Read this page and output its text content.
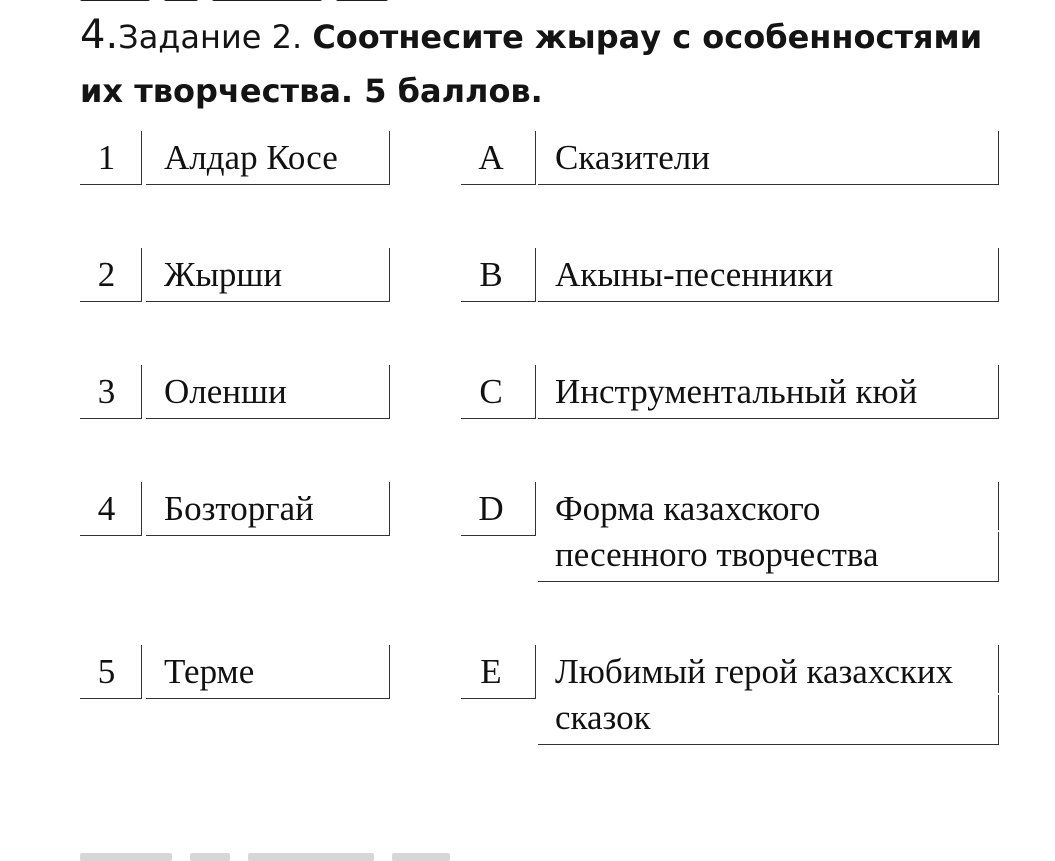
4.Задание 2. Соотнесите жырау с особенностями их творчества. 5 баллов.
1	Алдар Косе	A	Сказители
2	Жырши	B	Акыны-песенники
3	Оленши	C	Инструментальный кюй
4	Бозторгай	D	Форма казахского
песенного творчества
5	Терме	E	Любимый герой казахских
сказок
